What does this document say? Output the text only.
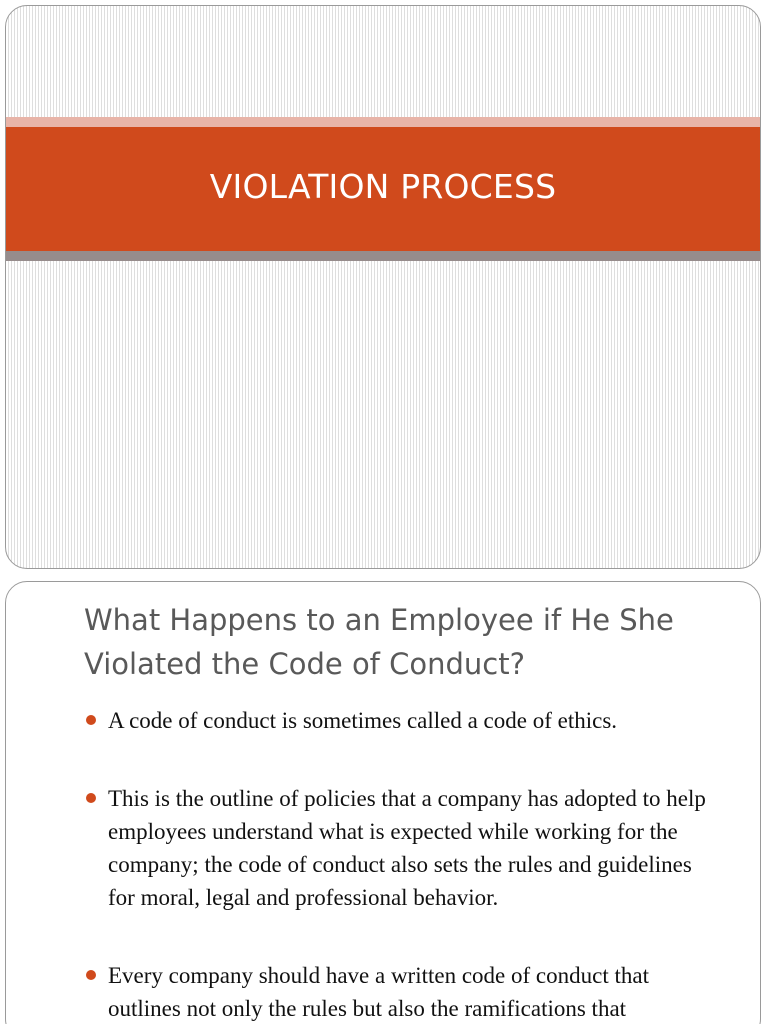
VIOLATION PROCESS
What Happens to an Employee if He She Violated the Code of Conduct?
A code of conduct is sometimes called a code of ethics.
This is the outline of policies that a company has adopted to help employees understand what is expected while working for the company; the code of conduct also sets the rules and guidelines for moral, legal and professional behavior.
Every company should have a written code of conduct that outlines not only the rules but also the ramifications that
